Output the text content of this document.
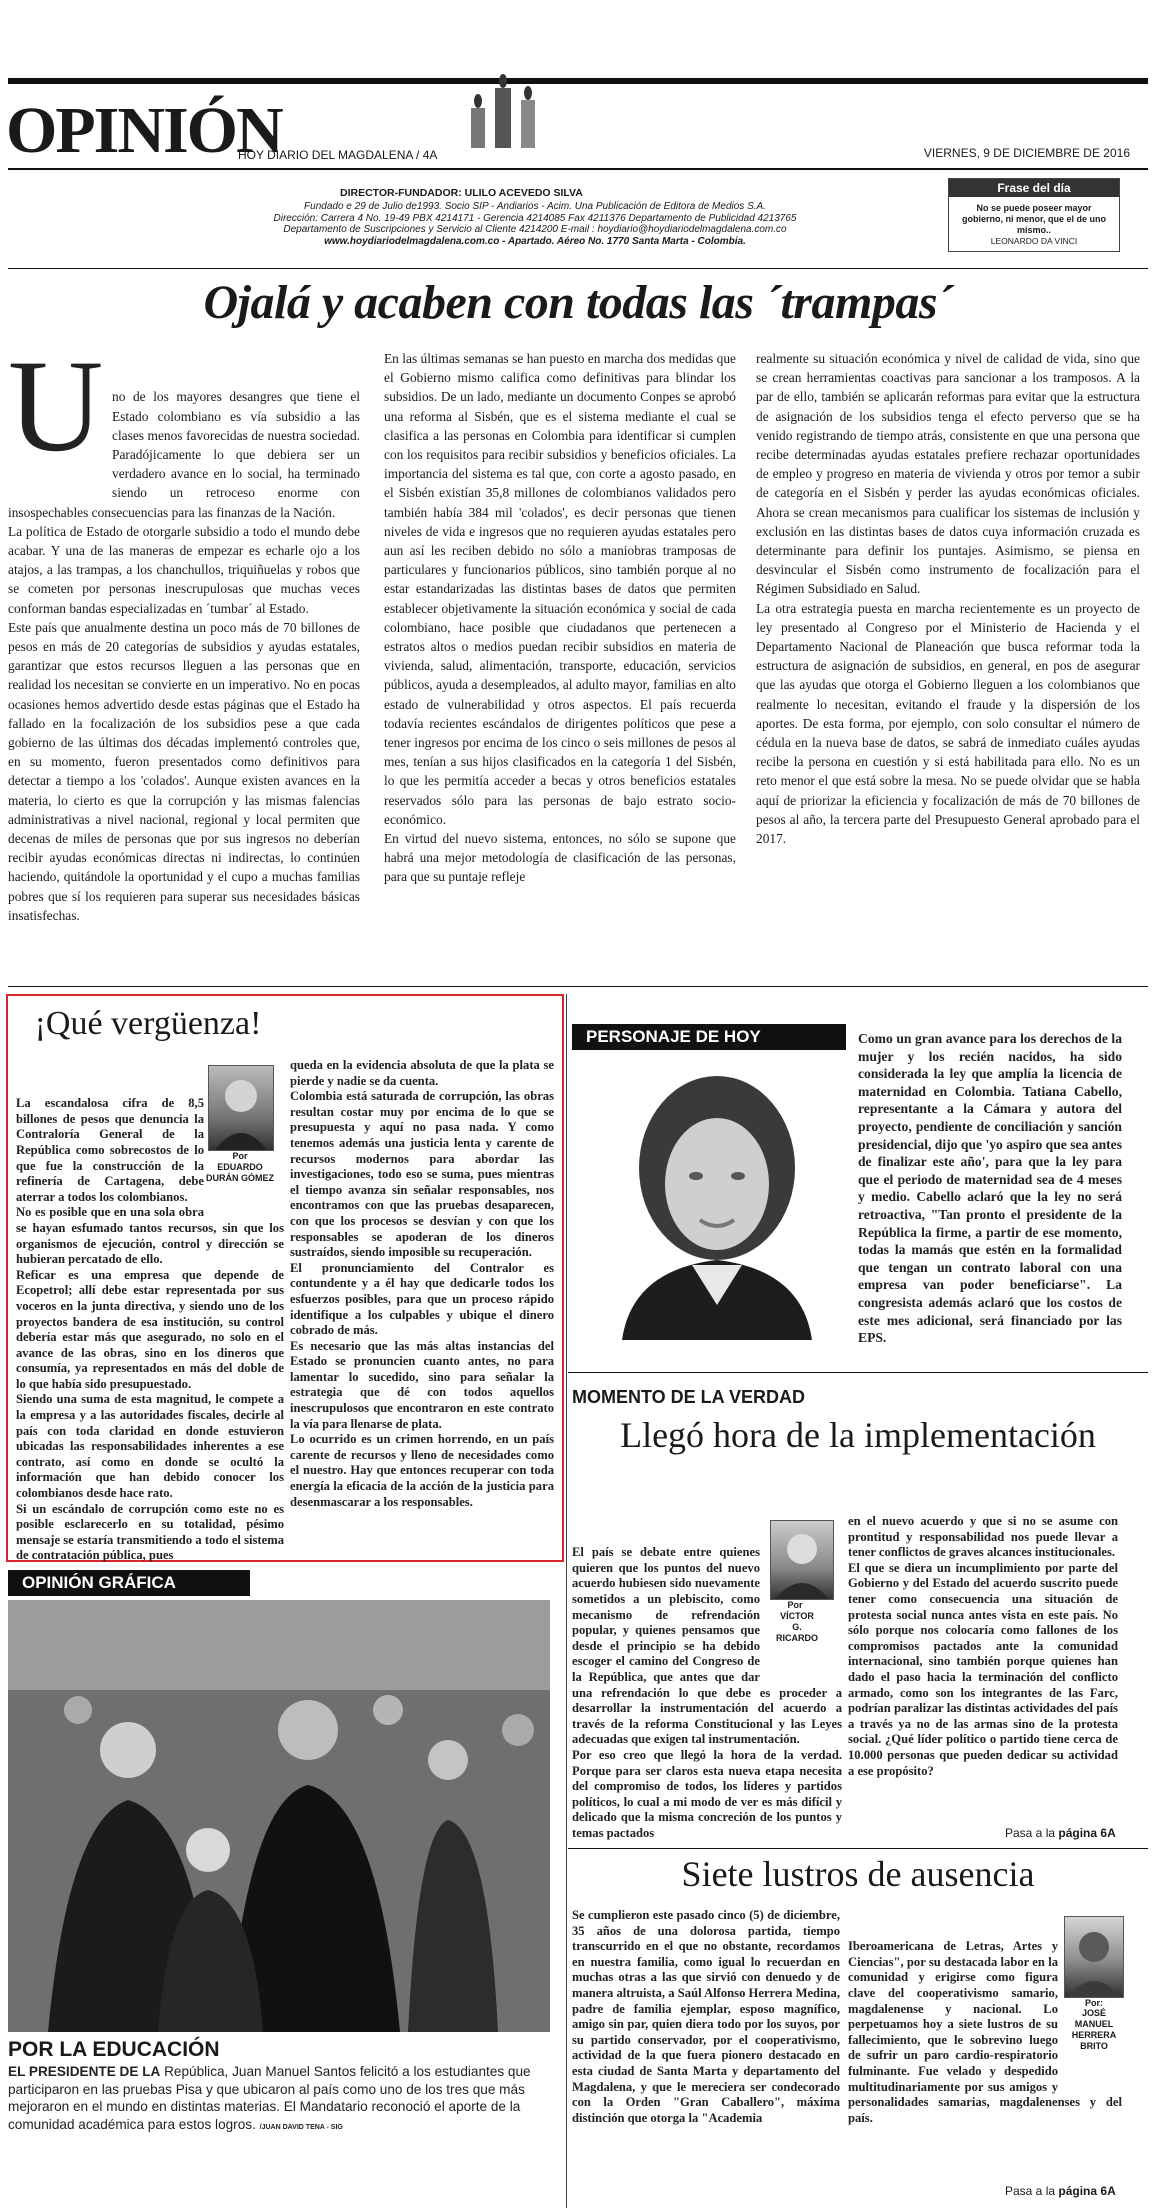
OPINIÓN
HOY DIARIO DEL MAGDALENA / 4A	VIERNES, 9 DE DICIEMBRE DE 2016
DIRECTOR-FUNDADOR: ULILO ACEVEDO SILVA
Fundado e 29 de Julio de1993. Socio SIP - Andiarios - Acim. Una Publicación de Editora de Medios S.A.
Dirección: Carrera 4 No. 19-49 PBX 4214171 - Gerencia 4214085 Fax 4211376 Departamento de Publicidad 4213765
Departamento de Suscripciones y Servicio al Cliente 4214200 E-mail : hoydiario@hoydiariodelmagdalena.com.co
www.hoydiariodelmagdalena.com.co - Apartado. Aéreo No. 1770 Santa Marta - Colombia.
Frase del día
No se puede poseer mayor gobierno, ni menor, que el de uno mismo..
LEONARDO DA VINCI
Ojalá y acaben con todas las ´trampas´
U no de los mayores desangres que tiene el Estado colombiano es vía subsidio a las clases menos favorecidas de nuestra sociedad. Paradójicamente lo que debiera ser un verdadero avance en lo social, ha terminado siendo un retroceso enorme con insospechables consecuencias para las finanzas de la Nación.
La política de Estado de otorgarle subsidio a todo el mundo debe acabar. Y una de las maneras de empezar es echarle ojo a los atajos, a las trampas, a los chanchullos, triquiñuelas y robos que se cometen por personas inescrupulosas que muchas veces conforman bandas especializadas en ´tumbar´ al Estado.
Este país que anualmente destina un poco más de 70 billones de pesos en más de 20 categorías de subsidios y ayudas estatales, garantizar que estos recursos lleguen a las personas que en realidad los necesitan se convierte en un imperativo. No en pocas ocasiones hemos advertido desde estas páginas que el Estado ha fallado en la focalización de los subsidios pese a que cada gobierno de las últimas dos décadas implementó controles que, en su momento, fueron presentados como definitivos para detectar a tiempo a los 'colados'. Aunque existen avances en la materia, lo cierto es que la corrupción y las mismas falencias administrativas a nivel nacional, regional y local permiten que decenas de miles de personas que por sus ingresos no deberían recibir ayudas económicas directas ni indirectas, lo continúen haciendo, quitándole la oportunidad y el cupo a muchas familias pobres que sí los requieren para superar sus necesidades básicas insatisfechas.

En las últimas semanas se han puesto en marcha dos medidas que el Gobierno mismo califica como definitivas para blindar los subsidios. De un lado, mediante un documento Conpes se aprobó una reforma al Sisbén, que es el sistema mediante el cual se clasifica a las personas en Colombia para identificar si cumplen con los requisitos para recibir subsidios y beneficios oficiales. La importancia del sistema es tal que, con corte a agosto pasado, en el Sisbén existían 35,8 millones de colombianos validados pero también había 384 mil 'colados', es decir personas que tienen niveles de vida e ingresos que no requieren ayudas estatales pero aun así les reciben debido no sólo a maniobras tramposas de particulares y funcionarios públicos, sino también porque al no estar estandarizadas las distintas bases de datos que permiten establecer objetivamente la situación económica y social de cada colombiano, hace posible que ciudadanos que pertenecen a estratos altos o medios puedan recibir subsidios en materia de vivienda, salud, alimentación, transporte, educación, servicios públicos, ayuda a desempleados, al adulto mayor, familias en alto estado de vulnerabilidad y otros aspectos. El país recuerda todavía recientes escándalos de dirigentes políticos que pese a tener ingresos por encima de los cinco o seis millones de pesos al mes, tenían a sus hijos clasificados en la categoría 1 del Sisbén, lo que les permitía acceder a becas y otros beneficios estatales reservados sólo para las personas de bajo estrato socio-económico.
En virtud del nuevo sistema, entonces, no sólo se supone que habrá una mejor metodología de clasificación de las personas, para que su puntaje refleje
realmente su situación económica y nivel de calidad de vida, sino que se crean herramientas coactivas para sancionar a los tramposos. A la par de ello, también se aplicarán reformas para evitar que la estructura de asignación de los subsidios tenga el efecto perverso que se ha venido registrando de tiempo atrás, consistente en que una persona que recibe determinadas ayudas estatales prefiere rechazar oportunidades de empleo y progreso en materia de vivienda y otros por temor a subir de categoría en el Sisbén y perder las ayudas económicas oficiales. Ahora se crean mecanismos para cualificar los sistemas de inclusión y exclusión en las distintas bases de datos cuya información cruzada es determinante para definir los puntajes. Asimismo, se piensa en desvincular el Sisbén como instrumento de focalización para el Régimen Subsidiado en Salud.
La otra estrategia puesta en marcha recientemente es un proyecto de ley presentado al Congreso por el Ministerio de Hacienda y el Departamento Nacional de Planeación que busca reformar toda la estructura de asignación de subsidios, en general, en pos de asegurar que las ayudas que otorga el Gobierno lleguen a los colombianos que realmente lo necesitan, evitando el fraude y la dispersión de los aportes. De esta forma, por ejemplo, con solo consultar el número de cédula en la nueva base de datos, se sabrá de inmediato cuáles ayudas recibe la persona en cuestión y si está habilitada para ello. No es un reto menor el que está sobre la mesa. No se puede olvidar que se habla aquí de priorizar la eficiencia y focalización de más de 70 billones de pesos al año, la tercera parte del Presupuesto General aprobado para el 2017.
¡Qué vergüenza!
Por
EDUARDO DURÁN GÓMEZ

La escandalosa cifra de 8,5 billones de pesos que denuncia la Contraloría General de la República como sobrecostos de lo que fue la construcción de la refinería de Cartagena, debe aterrar a todos los colombianos.
No es posible que en una sola obra se hayan esfumado tantos recursos, sin que los organismos de ejecución, control y dirección se hubieran percatado de ello.
Reficar es una empresa que depende de Ecopetrol; allí debe estar representada por sus voceros en la junta directiva, y siendo uno de los proyectos bandera de esa institución, su control debería estar más que asegurado, no solo en el avance de las obras, sino en los dineros que consumía, ya representados en más del doble de lo que había sido presupuestado.
Siendo una suma de esta magnitud, le compete a la empresa y a las autoridades fiscales, decirle al país con toda claridad en donde estuvieron ubicadas las responsabilidades inherentes a ese contrato, así como en donde se ocultó la información que han debido conocer los colombianos desde hace rato.
Si un escándalo de corrupción como este no es posible esclarecerlo en su totalidad, pésimo mensaje se estaría transmitiendo a todo el sistema de contratación pública, pues

queda en la evidencia absoluta de que la plata se pierde y nadie se da cuenta.
Colombia está saturada de corrupción, las obras resultan costar muy por encima de lo que se presupuesta y aquí no pasa nada. Y como tenemos además una justicia lenta y carente de recursos modernos para abordar las investigaciones, todo eso se suma, pues mientras el tiempo avanza sin señalar responsables, nos encontramos con que las pruebas desaparecen, con que los procesos se desvían y con que los responsables se apoderan de los dineros sustraídos, siendo imposible su recuperación.
El pronunciamiento del Contralor es contundente y a él hay que dedicarle todos los esfuerzos posibles, para que un proceso rápido identifique a los culpables y ubique el dinero cobrado de más.
Es necesario que las más altas instancias del Estado se pronuncien cuanto antes, no para lamentar lo sucedido, sino para señalar la estrategia que dé con todos aquellos inescrupulosos que encontraron en este contrato la vía para llenarse de plata.
Lo ocurrido es un crimen horrendo, en un país carente de recursos y lleno de necesidades como el nuestro. Hay que entonces recuperar con toda energía la eficacia de la acción de la justicia para desenmascarar a los responsables.
PERSONAJE DE HOY	Como un gran avance para los derechos de la mujer y los recién nacidos, ha sido considerada la ley que amplía la licencia de maternidad en Colombia. Tatiana Cabello, representante a la Cámara y autora del proyecto, pendiente de conciliación y sanción presidencial, dijo que 'yo aspiro que sea antes de finalizar este año', para que la ley para que el periodo de maternidad sea de 4 meses y medio. Cabello aclaró que la ley no será retroactiva, "Tan pronto el presidente de la República la firme, a partir de ese momento, todas la mamás que estén en la formalidad que tengan un contrato laboral con una empresa van poder beneficiarse". La congresista además aclaró que los costos de este mes adicional, será financiado por las EPS.
MOMENTO DE LA VERDAD
Llegó hora de la implementación
Por
VÍCTOR G. RICARDO

El país se debate entre quienes quieren que los puntos del nuevo acuerdo hubiesen sido nuevamente sometidos a un plebiscito, como mecanismo de refrendación popular, y quienes pensamos que desde el principio se ha debido escoger el camino del Congreso de la República, que antes que dar una refrendación lo que debe es proceder a desarrollar la instrumentación del acuerdo a través de la reforma Constitucional y las Leyes adecuadas que exigen tal instrumentación.
Por eso creo que llegó la hora de la verdad. Porque para ser claros esta nueva etapa necesita del compromiso de todos, los líderes y partidos políticos, lo cual a mi modo de ver es más difícil y delicado que la misma concreción de los puntos y temas pactados

en el nuevo acuerdo y que si no se asume con prontitud y responsabilidad nos puede llevar a tener conflictos de graves alcances institucionales.
El que se diera un incumplimiento por parte del Gobierno y del Estado del acuerdo suscrito puede tener como consecuencia una situación de protesta social nunca antes vista en este país. No sólo porque nos colocaría como fallones de los compromisos pactados ante la comunidad internacional, sino también porque quienes han dado el paso hacia la terminación del conflicto armado, como son los integrantes de las Farc, podrían paralizar las distintas actividades del país a través ya no de las armas sino de la protesta social. ¿Qué líder político o partido tiene cerca de 10.000 personas que pueden dedicar su actividad a ese propósito?
Pasa a la página 6A
Siete lustros de ausencia
Se cumplieron este pasado cinco (5) de diciembre, 35 años de una dolorosa partida, tiempo transcurrido en el que no obstante, recordamos en nuestra familia, como igual lo recuerdan en muchas otras a las que sirvió con denuedo y de manera altruista, a Saúl Alfonso Herrera Medina, padre de familia ejemplar, esposo magnífico, amigo sin par, quien diera todo por los suyos, por su partido conservador, por el cooperativismo, actividad de la que fuera pionero destacado en esta ciudad de Santa Marta y departamento del Magdalena, y que le mereciera ser condecorado con la Orden "Gran Caballero", máxima distinción que otorga la "Academia
Por:
JOSÉ MANUEL HERRERA BRITO

Iberoamericana de Letras, Artes y Ciencias", por su destacada labor en la comunidad y erigirse como figura clave del cooperativismo samario, magdalenense y nacional. Lo perpetuamos hoy a siete lustros de su fallecimiento, que le sobrevino luego de sufrir un paro cardio-respiratorio fulminante. Fue velado y despedido multitudinariamente por sus amigos y personalidades samarias, magdalenenses y del país.

Pasa a la página 6A
OPINIÓN GRÁFICA
POR LA EDUCACIÓN
EL PRESIDENTE DE LA República, Juan Manuel Santos felicitó a los estudiantes que participaron en las pruebas Pisa y que ubicaron al país como uno de los tres que más mejoraron en el mundo en distintas materias. El Mandatario reconoció el aporte de la comunidad académica para estos logros. /JUAN DAVID TENA - SIG
